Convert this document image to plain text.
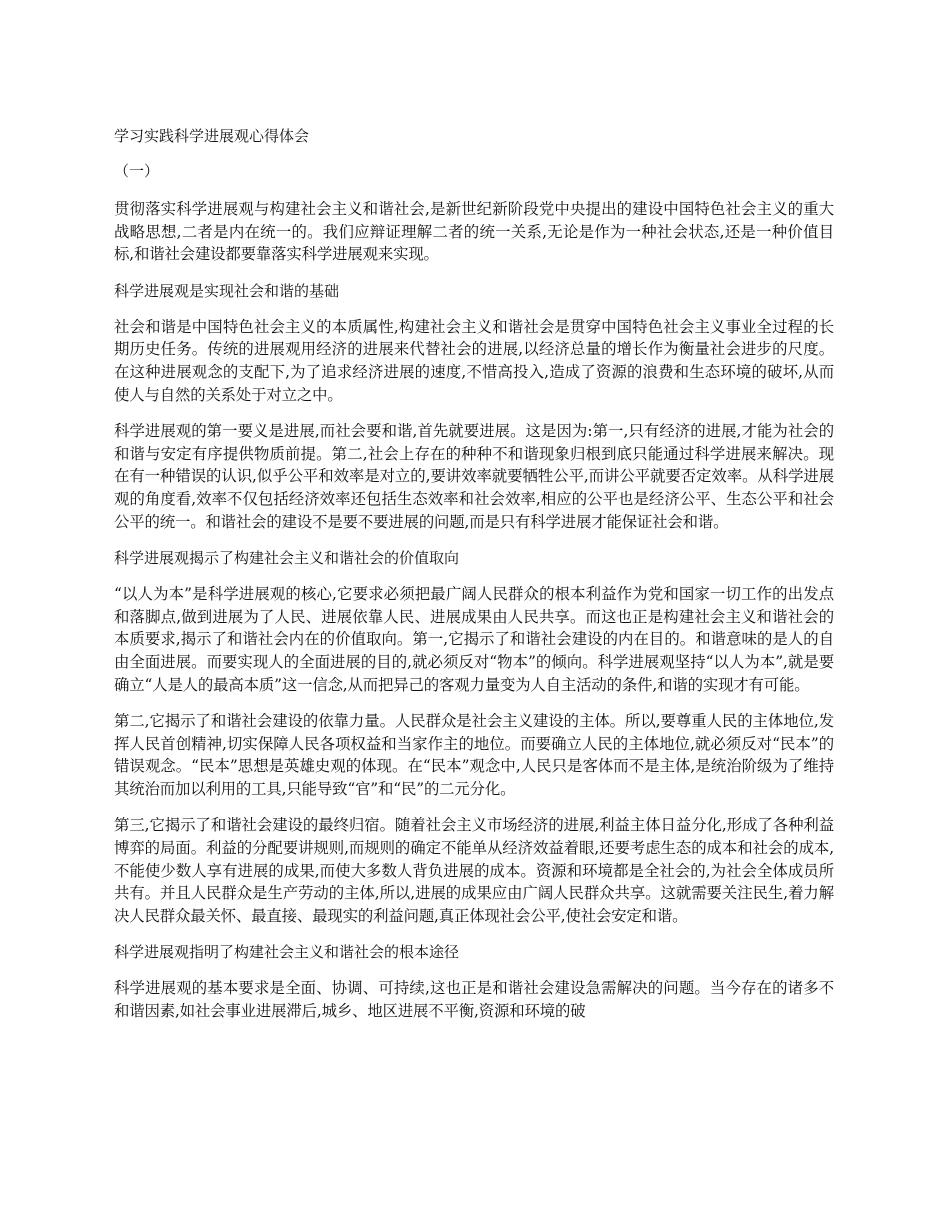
学习实践科学进展观心得体会
（一）
贯彻落实科学进展观与构建社会主义和谐社会,是新世纪新阶段党中央提出的建设中国特色社会主义的重大战略思想,二者是内在统一的。我们应辩证理解二者的统一关系,无论是作为一种社会状态,还是一种价值目标,和谐社会建设都要靠落实科学进展观来实现。
科学进展观是实现社会和谐的基础
社会和谐是中国特色社会主义的本质属性,构建社会主义和谐社会是贯穿中国特色社会主义事业全过程的长期历史任务。传统的进展观用经济的进展来代替社会的进展,以经济总量的增长作为衡量社会进步的尺度。在这种进展观念的支配下,为了追求经济进展的速度,不惜高投入,造成了资源的浪费和生态环境的破坏,从而使人与自然的关系处于对立之中。
科学进展观的第一要义是进展,而社会要和谐,首先就要进展。这是因为:第一,只有经济的进展,才能为社会的和谐与安定有序提供物质前提。第二,社会上存在的种种不和谐现象归根到底只能通过科学进展来解决。现在有一种错误的认识,似乎公平和效率是对立的,要讲效率就要牺牲公平,而讲公平就要否定效率。从科学进展观的角度看,效率不仅包括经济效率还包括生态效率和社会效率,相应的公平也是经济公平、生态公平和社会公平的统一。和谐社会的建设不是要不要进展的问题,而是只有科学进展才能保证社会和谐。
科学进展观揭示了构建社会主义和谐社会的价值取向
“以人为本”是科学进展观的核心,它要求必须把最广阔人民群众的根本利益作为党和国家一切工作的出发点和落脚点,做到进展为了人民、进展依靠人民、进展成果由人民共享。而这也正是构建社会主义和谐社会的本质要求,揭示了和谐社会内在的价值取向。第一,它揭示了和谐社会建设的内在目的。和谐意味的是人的自由全面进展。而要实现人的全面进展的目的,就必须反对“物本”的倾向。科学进展观坚持“以人为本”,就是要确立“人是人的最高本质”这一信念,从而把异己的客观力量变为人自主活动的条件,和谐的实现才有可能。
第二,它揭示了和谐社会建设的依靠力量。人民群众是社会主义建设的主体。所以,要尊重人民的主体地位,发挥人民首创精神,切实保障人民各项权益和当家作主的地位。而要确立人民的主体地位,就必须反对“民本”的错误观念。“民本”思想是英雄史观的体现。在“民本”观念中,人民只是客体而不是主体,是统治阶级为了维持其统治而加以利用的工具,只能导致“官”和“民”的二元分化。
第三,它揭示了和谐社会建设的最终归宿。随着社会主义市场经济的进展,利益主体日益分化,形成了各种利益博弈的局面。利益的分配要讲规则,而规则的确定不能单从经济效益着眼,还要考虑生态的成本和社会的成本,不能使少数人享有进展的成果,而使大多数人背负进展的成本。资源和环境都是全社会的,为社会全体成员所共有。并且人民群众是生产劳动的主体,所以,进展的成果应由广阔人民群众共享。这就需要关注民生,着力解决人民群众最关怀、最直接、最现实的利益问题,真正体现社会公平,使社会安定和谐。
科学进展观指明了构建社会主义和谐社会的根本途径
科学进展观的基本要求是全面、协调、可持续,这也正是和谐社会建设急需解决的问题。当今存在的诸多不和谐因素,如社会事业进展滞后,城乡、地区进展不平衡,资源和环境的破
